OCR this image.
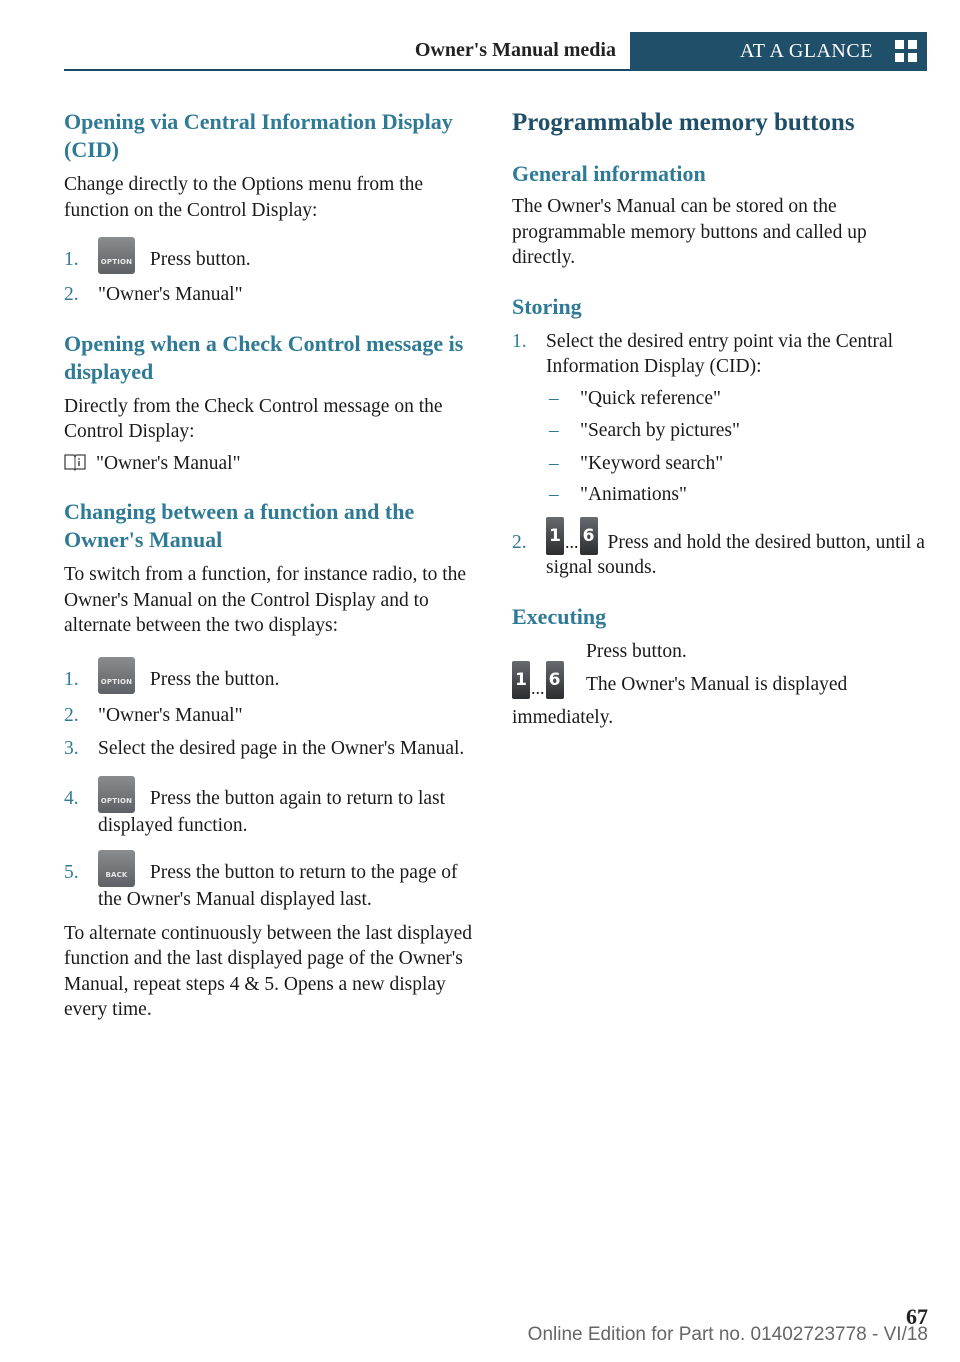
Owner's Manual media	AT A GLANCE
Opening via Central Information Display (CID)
Change directly to the Options menu from the function on the Control Display:
1.	OPTION Press button.
2. "Owner's Manual"
Opening when a Check Control message is displayed
Directly from the Check Control message on the Control Display:
"Owner's Manual"
Changing between a function and the Owner's Manual
To switch from a function, for instance radio, to the Owner's Manual on the Control Display and to alternate between the two displays:
1.	OPTION Press the button.
2. "Owner's Manual"
3. Select the desired page in the Owner's Manual.
4.	OPTION Press the button again to return to last displayed function.
5.	BACK	Press the button to return to the page of the Owner's Manual displayed last.
To alternate continuously between the last displayed function and the last displayed page of the Owner's Manual, repeat steps 4 & 5. Opens a new display every time.
Programmable memory buttons
General information
The Owner's Manual can be stored on the programmable memory buttons and called up directly.
Storing
1. Select the desired entry point via the Central Information Display (CID):
– "Quick reference"
– "Search by pictures"
– "Keyword search"
– "Animations"
2. 1 ... 6 Press and hold the desired button, until a signal sounds.
Executing
1 ... 6
Press button.
The Owner's Manual is displayed
immediately.
67
Online Edition for Part no. 01402723778 - VI/18
